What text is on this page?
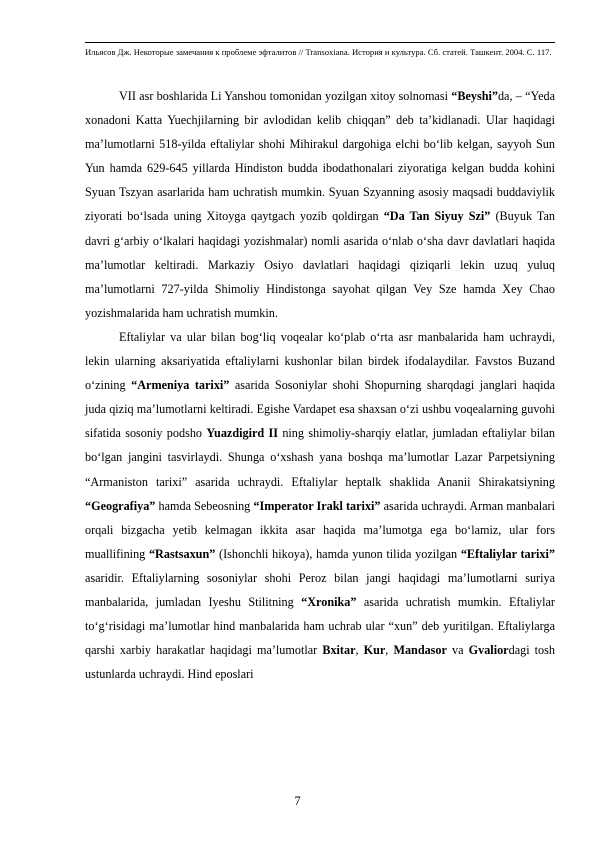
Ильясов Дж. Некоторые замечания к проблеме эфталитов // Transoxiana. История и культура. Сб. статей. Ташкент. 2004. С. 117.

VII asr boshlarida Li Yanshou tomonidan yozilgan xitoy solnomasi “Beyshi”da, – “Yeda xonadoni Katta Yuechjilarning bir avlodidan kelib chiqqan” deb taʼkidlanadi. Ular haqidagi maʼlumotlarni 518-yilda eftaliylar shohi Mihirakul dargohiga elchi boʻlib kelgan, sayyoh Sun Yun hamda 629-645 yillarda Hindiston budda ibodathonalari ziyoratiga kelgan budda kohini Syuan Tszyan asarlarida ham uchratish mumkin. Syuan Szyanning asosiy maqsadi buddaviylik ziyorati boʻlsada uning Xitoyga qaytgach yozib qoldirgan “Da Tan Siyuy Szi” (Buyuk Tan davri gʻarbiy oʻlkalari haqidagi yozishmalar) nomli asarida oʻnlab oʻsha davr davlatlari haqida maʼlumotlar keltiradi. Markaziy Osiyo davlatlari haqidagi qiziqarli lekin uzuq yuluq maʼlumotlarni 727-yilda Shimoliy Hindistonga sayohat qilgan Vey Sze hamda Xey Chao yozishmalarida ham uchratish mumkin.

Eftaliylar va ular bilan bogʻliq voqealar koʻplab oʻrta asr manbalarida ham uchraydi, lekin ularning aksariyatida eftaliylarni kushonlar bilan birdek ifodalaydilar. Favstos Buzand oʻzining “Armeniya tarixi” asarida Sosoniylar shohi Shopurning sharqdagi janglari haqida juda qiziq maʼlumotlarni keltiradi. Egishe Vardapet esa shaxsan oʻzi ushbu voqealarning guvohi sifatida sosoniy podsho Yuazdigird II ning shimoliy-sharqiy elatlar, jumladan eftaliylar bilan boʻlgan jangini tasvirlaydi. Shunga oʻxshash yana boshqa maʼlumotlar Lazar Parpetsiyning “Armaniston tarixi” asarida uchraydi. Eftaliylar heptalk shaklida Ananii Shirakatsiyning “Geografiya” hamda Sebeosning “Imperator Irakl tarixi” asarida uchraydi. Arman manbalari orqali bizgacha yetib kelmagan ikkita asar haqida maʼlumotga ega boʻlamiz, ular fors muallifining “Rastsaxun” (Ishonchli hikoya), hamda yunon tilida yozilgan “Eftaliylar tarixi” asaridir. Eftaliylarning sosoniylar shohi Peroz bilan jangi haqidagi maʼlumotlarni suriya manbalarida, jumladan Iyeshu Stilitning “Xronika” asarida uchratish mumkin. Eftaliylar toʻgʻrisidagi maʼlumotlar hind manbalarida ham uchrab ular “xun” deb yuritilgan. Eftaliylarga qarshi xarbiy harakatlar haqidagi maʼlumotlar Bxitar, Kur, Mandasor va Gvaliordagi tosh ustunlarda uchraydi. Hind eposlari

7
